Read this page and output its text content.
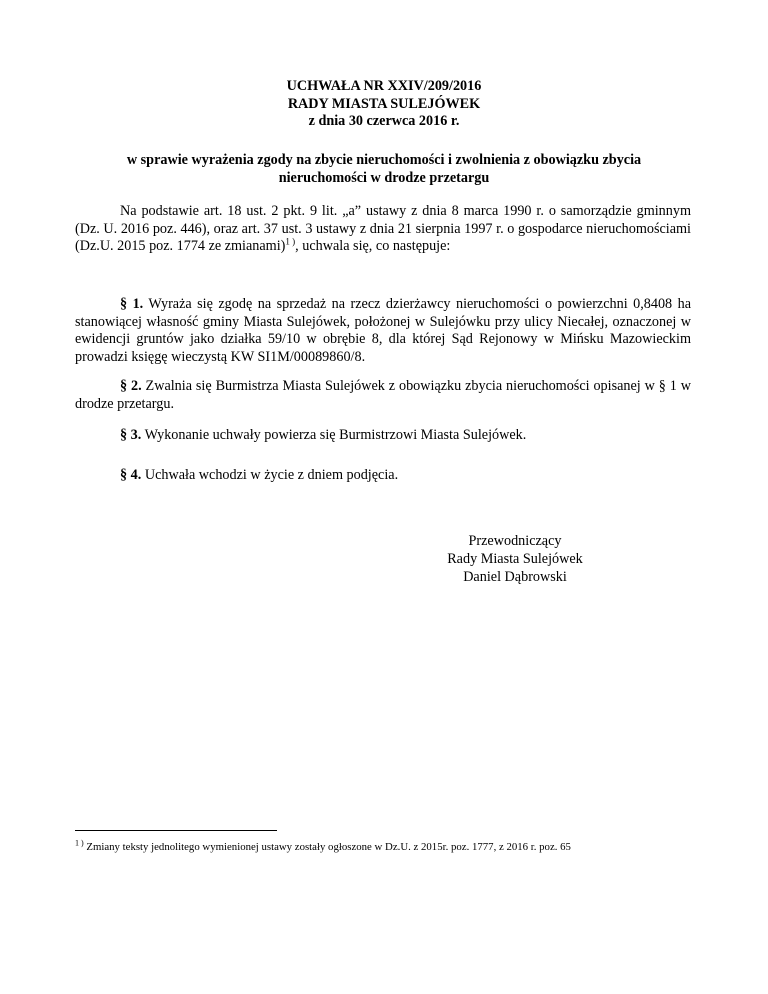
UCHWAŁA NR XXIV/209/2016
RADY MIASTA SULEJÓWEK
z dnia 30 czerwca 2016 r.
w sprawie wyrażenia zgody na zbycie nieruchomości i zwolnienia z obowiązku zbycia
nieruchomości w drodze przetargu
Na podstawie art. 18 ust. 2 pkt. 9 lit. „a” ustawy z dnia 8 marca 1990 r. o samorządzie gminnym (Dz. U. 2016 poz. 446), oraz art. 37 ust. 3 ustawy z dnia 21 sierpnia 1997 r. o gospodarce nieruchomościami (Dz.U. 2015 poz. 1774 ze zmianami)$^{1 )}$, uchwala się, co następuje:
§ 1. Wyraża się zgodę na sprzedaż na rzecz dzierżawcy nieruchomości o powierzchni 0,8408 ha stanowiącej własność gminy Miasta Sulejówek, położonej w Sulejówku przy ulicy Niecałej, oznaczonej w ewidencji gruntów jako działka 59/10 w obrębie 8, dla której Sąd Rejonowy w Mińsku Mazowieckim prowadzi księgę wieczystą KW SI1M/00089860/8.
§ 2. Zwalnia się Burmistrza Miasta Sulejówek z obowiązku zbycia nieruchomości opisanej w § 1 w drodze przetargu.
§ 3. Wykonanie uchwały powierza się Burmistrzowi Miasta Sulejówek.
§ 4. Uchwała wchodzi w życie z dniem podjęcia.
Przewodniczący
Rady Miasta Sulejówek
Daniel Dąbrowski
$^{1 )}$ Zmiany teksty jednolitego wymienionej ustawy zostały ogłoszone w Dz.U. z 2015r. poz. 1777, z 2016 r. poz. 65
